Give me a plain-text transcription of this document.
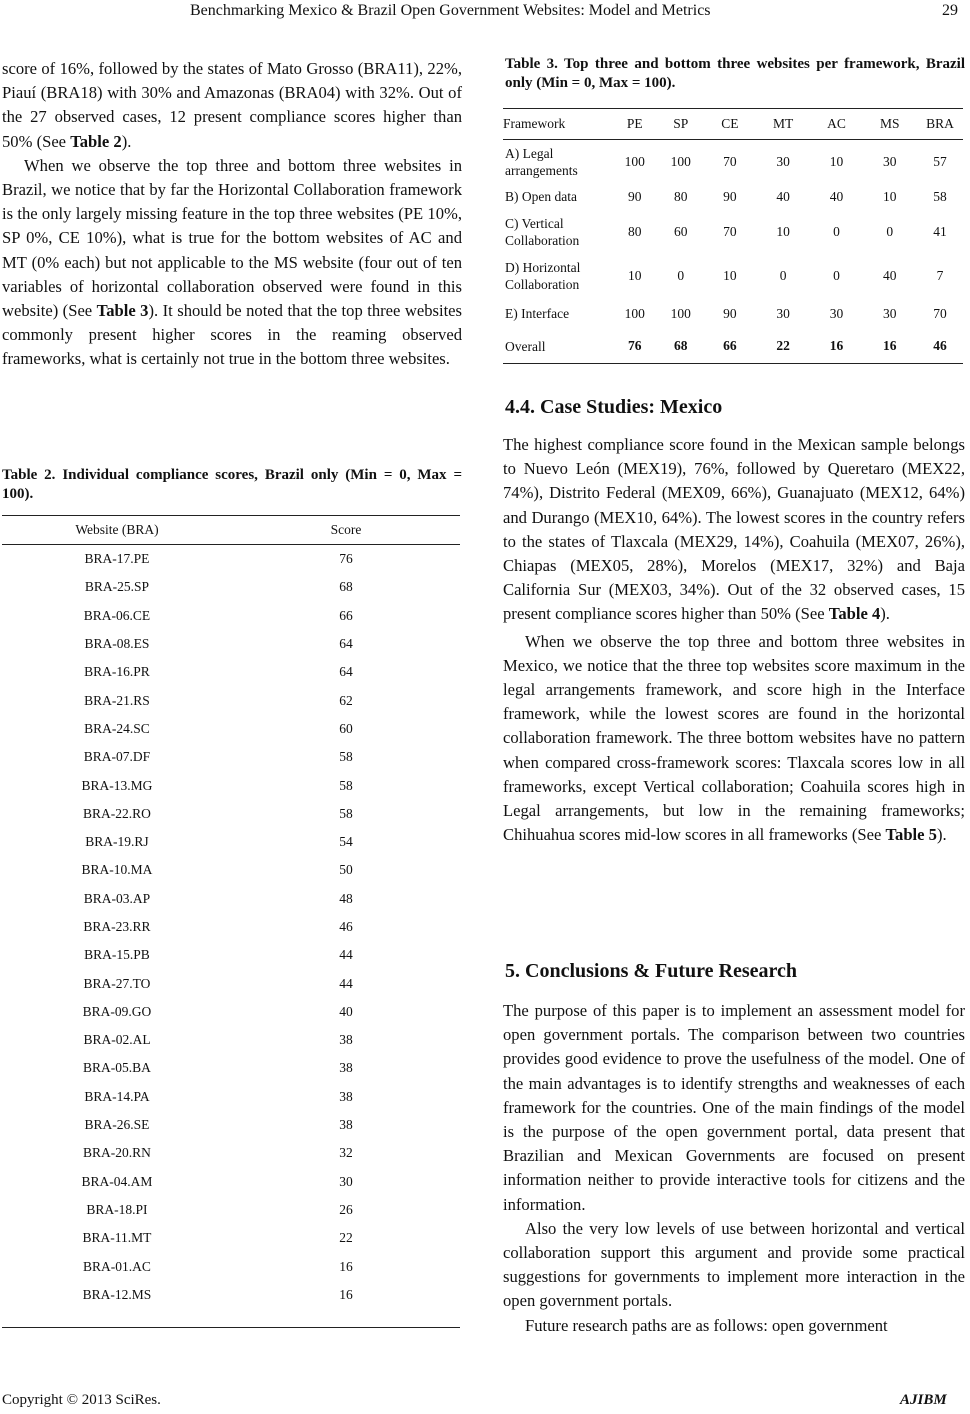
Benchmarking Mexico & Brazil Open Government Websites: Model and Metrics	29

score of 16%, followed by the states of Mato Grosso (BRA11), 22%, Piauí (BRA18) with 30% and Amazonas (BRA04) with 32%. Out of the 27 observed cases, 12 present compliance scores higher than 50% (See Table 2).

When we observe the top three and bottom three websites in Brazil, we notice that by far the Horizontal Collaboration framework is the only largely missing feature in the top three websites (PE 10%, SP 0%, CE 10%), what is true for the bottom websites of AC and MT (0% each) but not applicable to the MS website (four out of ten variables of horizontal collaboration observed were found in this website) (See Table 3). It should be noted that the top three websites commonly present higher scores in the reaming observed frameworks, what is certainly not true in the bottom three websites.

Table 2. Individual compliance scores, Brazil only (Min = 0, Max = 100).
Website (BRA)	Score
BRA-17.PE	76
BRA-25.SP	68
BRA-06.CE	66
BRA-08.ES	64
BRA-16.PR	64
BRA-21.RS	62
BRA-24.SC	60
BRA-07.DF	58
BRA-13.MG	58
BRA-22.RO	58
BRA-19.RJ	54
BRA-10.MA	50
BRA-03.AP	48
BRA-23.RR	46
BRA-15.PB	44
BRA-27.TO	44
BRA-09.GO	40
BRA-02.AL	38
BRA-05.BA	38
BRA-14.PA	38
BRA-26.SE	38
BRA-20.RN	32
BRA-04.AM	30
BRA-18.PI	26
BRA-11.MT	22
BRA-01.AC	16
BRA-12.MS	16
Table 3. Top three and bottom three websites per framework, Brazil only (Min = 0, Max = 100).
Framework	PE	SP	CE	MT	AC	MS	BRA
A) Legal arrangements	100	100	70	30	10	30	57
B) Open data	90	80	90	40	40	10	58
C) Vertical Collaboration	80	60	70	10	0	0	41
D) Horizontal Collaboration	10	0	10	0	0	40	7
E) Interface	100	100	90	30	30	30	70
Overall	76	68	66	22	16	16	46
4.4. Case Studies: Mexico

The highest compliance score found in the Mexican sample belongs to Nuevo León (MEX19), 76%, followed by Queretaro (MEX22, 74%), Distrito Federal (MEX09, 66%), Guanajuato (MEX12, 64%) and Durango (MEX10, 64%). The lowest scores in the country refers to the states of Tlaxcala (MEX29, 14%), Coahuila (MEX07, 26%), Chiapas (MEX05, 28%), Morelos (MEX17, 32%) and Baja California Sur (MEX03, 34%). Out of the 32 observed cases, 15 present compliance scores higher than 50% (See Table 4).

When we observe the top three and bottom three websites in Mexico, we notice that the three top websites score maximum in the legal arrangements framework, and score high in the Interface framework, while the lowest scores are found in the horizontal collaboration framework. The three bottom websites have no pattern when compared cross-framework scores: Tlaxcala scores low in all frameworks, except Vertical collaboration; Coahuila scores high in Legal arrangements, but low in the remaining frameworks; Chihuahua scores mid-low scores in all frameworks (See Table 5).

5. Conclusions & Future Research

The purpose of this paper is to implement an assessment model for open government portals. The comparison between two countries provides good evidence to prove the usefulness of the model. One of the main advantages is to identify strengths and weaknesses of each framework for the countries. One of the main findings of the model is the purpose of the open government portal, data present that Brazilian and Mexican Governments are focused on present information neither to provide interactive tools for citizens and the information.

Also the very low levels of use between horizontal and vertical collaboration support this argument and provide some practical suggestions for governments to implement more interaction in the open government portals.

Future research paths are as follows: open government

Copyright © 2013 SciRes.	AJIBM
